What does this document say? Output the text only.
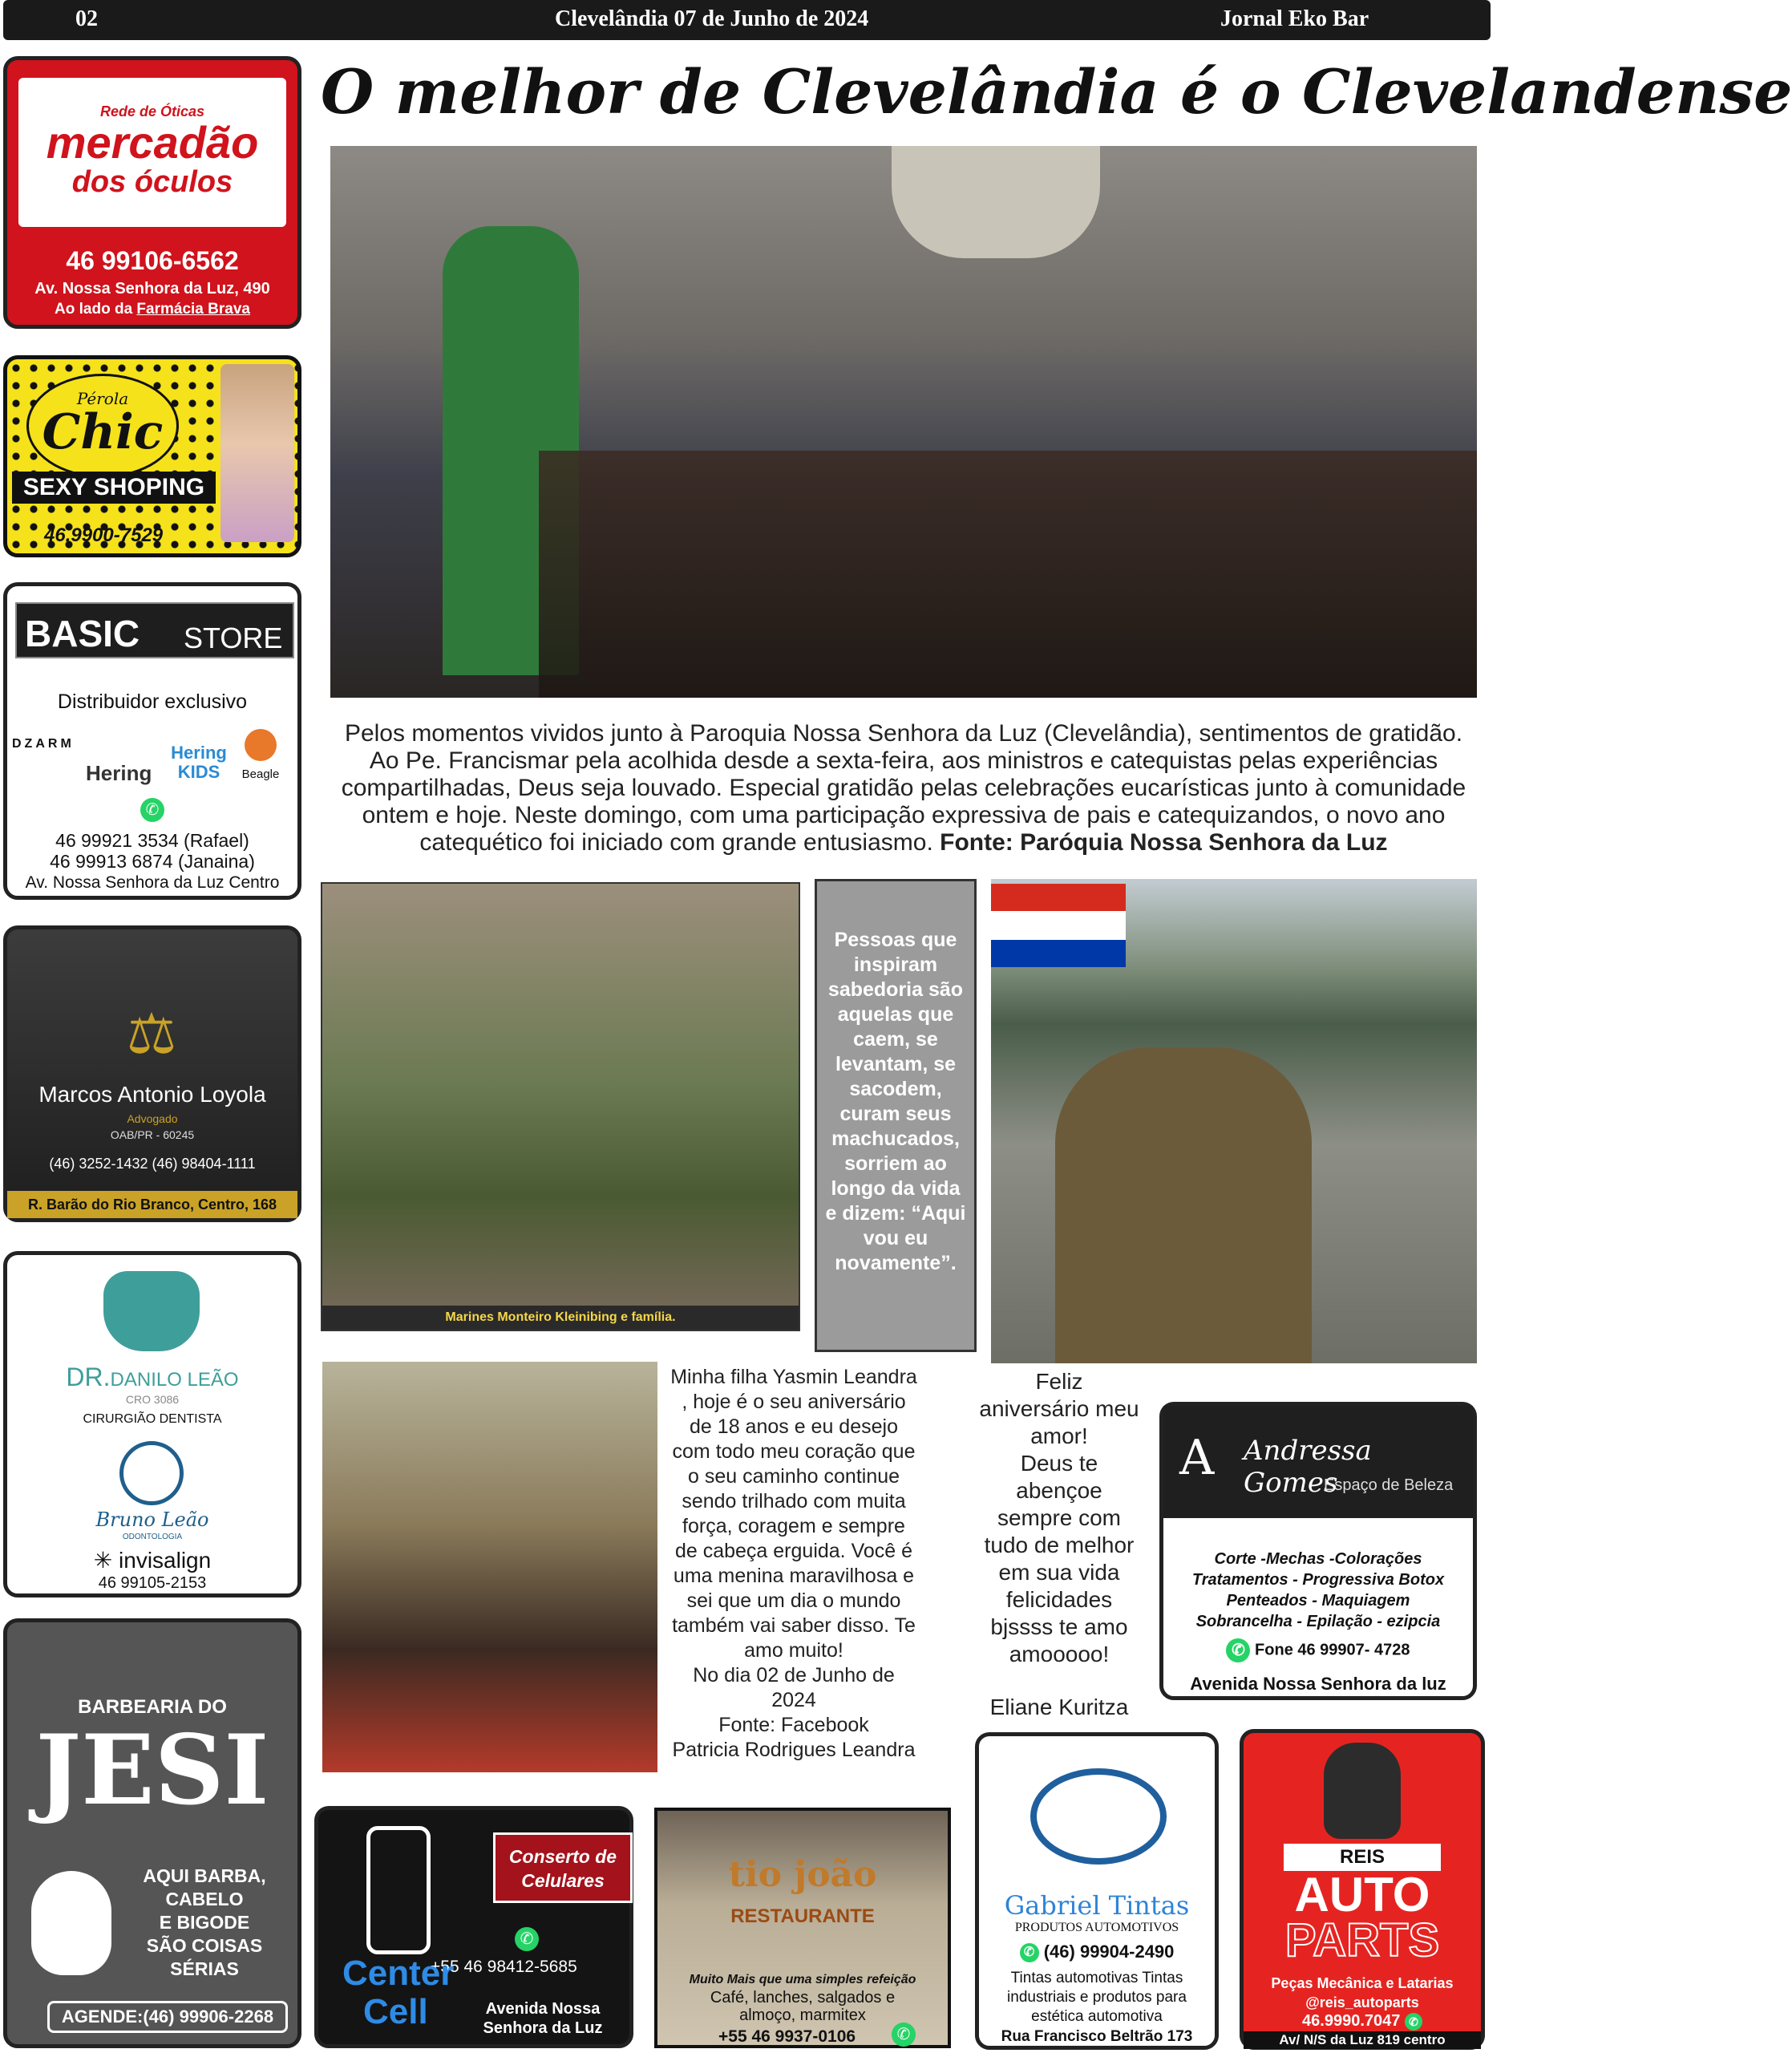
02	Clevelândia 07 de Junho de 2024	Jornal Eko Bar
O melhor de Clevelândia é o Clevelandense
Pelos momentos vividos junto à Paroquia Nossa Senhora da Luz (Clevelândia), sentimentos de gratidão. Ao Pe. Francismar pela acolhida desde a sexta-feira, aos ministros e catequistas pelas experiências compartilhadas, Deus seja louvado. Especial gratidão pelas celebrações eucarísticas junto à comunidade ontem e hoje. Neste domingo, com uma participação expressiva de pais e catequizandos, o novo ano catequético foi iniciado com grande entusiasmo. Fonte: Paróquia Nossa Senhora da Luz
Marines Monteiro Kleinibing e família.
Pessoas que inspiram sabedoria são aquelas que caem, se levantam, se sacodem, curam seus machucados, sorriem ao longo da vida e dizem: “Aqui vou eu novamente”.
Minha filha Yasmin Leandra
, hoje é o seu aniversário
de 18 anos e eu desejo
com todo meu coração que
o seu caminho continue
sendo trilhado com muita
força, coragem e sempre
de cabeça erguida. Você é
uma menina maravilhosa e
sei que um dia o mundo
também vai saber disso. Te
amo muito!
No dia 02 de Junho de
2024
Fonte: Facebook
Patricia Rodrigues Leandra
Feliz
aniversário meu
amor!
Deus te
abençoe
sempre com
tudo de melhor
em sua vida
felicidades
bjssss te amo
amooooo!
Eliane Kuritza
Rede de Óticas
mercadão
dos óculos
46 99106-6562
Av. Nossa Senhora da Luz, 490
Ao lado da Farmácia Brava
Pérola
Chic
SEXY SHOPING
46.9900-7529
BASIC STORE
Distribuidor exclusivo
DZARM
Hering
Hering KIDS	Beagle
✆
46 99921 3534 (Rafael)
46 99913 6874 (Janaina)
Av. Nossa Senhora da Luz Centro
⚖
Marcos Antonio Loyola
Advogado
OAB/PR - 60245
(46) 3252-1432 (46) 98404-1111
R. Barão do Rio Branco, Centro, 168
DR.DANILO LEÃO
CRO 3086
CIRURGIÃO DENTISTA
Bruno Leão
ODONTOLOGIA
✳ invisalign
46 99105-2153
BARBEARIA DO
JESI
AQUI BARBA,
CABELO
E BIGODE
SÃO COISAS
SÉRIAS
AGENDE:(46) 99906-2268
Conserto de
Celulares
✆
+55 46 98412-5685
Center
Cell	Avenida Nossa
Senhora da Luz
tio joão
RESTAURANTE
Muito Mais que uma simples refeição
Café, lanches, salgados e
almoço, marmitex
+55 46 9937-0106	✆
Gabriel Tintas
PRODUTOS AUTOMOTIVOS
✆ (46) 99904-2490
Tintas automotivas Tintas
industriais e produtos para
estética automotiva
Rua Francisco Beltrão 173
A	Andressa Gomes
Espaço de Beleza
Corte -Mechas -Colorações
Tratamentos - Progressiva Botox
Penteados - Maquiagem
Sobrancelha - Epilação - ezipcia
✆ Fone 46 99907- 4728
Avenida Nossa Senhora da luz
REIS
AUTO
PARTS
Peças Mecânica e Latarias
@reis_autoparts
46.9990.7047 ✆
Av/ N/S da Luz 819 centro
